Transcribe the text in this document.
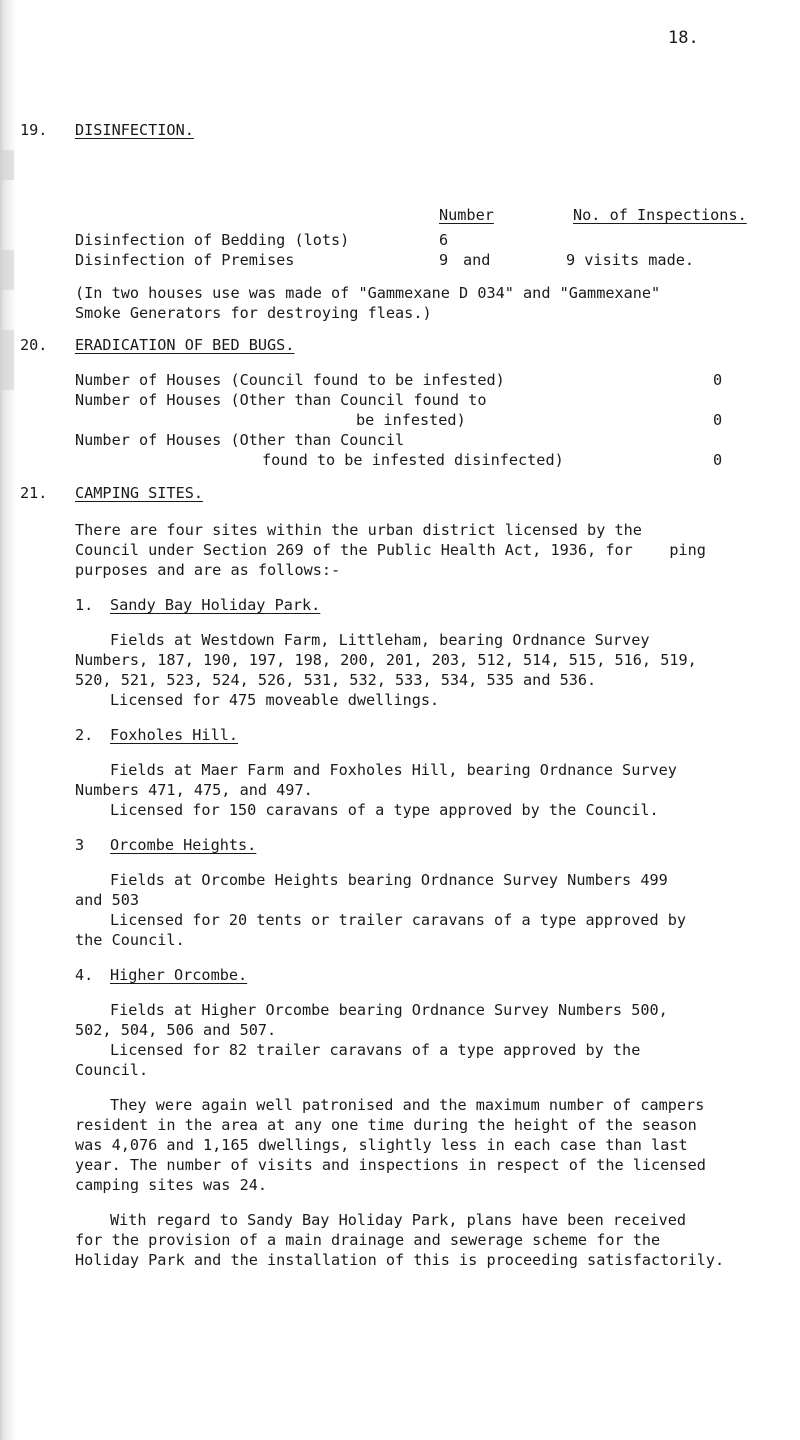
18.
19. DISINFECTION.
Number	No. of Inspections.
Disinfection of Bedding (lots)	6
Disinfection of Premises	9 and	9 visits made.
(In two houses use was made of "Gammexane D 034" and "Gammexane"
Smoke Generators for destroying fleas.)
20. ERADICATION OF BED BUGS.
Number of Houses (Council found to be infested)	0
Number of Houses (Other than Council found to
be infested)	0
Number of Houses (Other than Council
found to be infested disinfected)	0
21. CAMPING SITES.
There are four sites within the urban district licensed by the
Council under Section 269 of the Public Health Act, 1936, for    ping
purposes and are as follows:-
1. Sandy Bay Holiday Park.
Fields at Westdown Farm, Littleham, bearing Ordnance Survey
Numbers, 187, 190, 197, 198, 200, 201, 203, 512, 514, 515, 516, 519,
520, 521, 523, 524, 526, 531, 532, 533, 534, 535 and 536.
Licensed for 475 moveable dwellings.
2. Foxholes Hill.
Fields at Maer Farm and Foxholes Hill, bearing Ordnance Survey
Numbers 471, 475, and 497.
Licensed for 150 caravans of a type approved by the Council.
3 Orcombe Heights.
Fields at Orcombe Heights bearing Ordnance Survey Numbers 499
and 503
Licensed for 20 tents or trailer caravans of a type approved by
the Council.
4. Higher Orcombe.
Fields at Higher Orcombe bearing Ordnance Survey Numbers 500,
502, 504, 506 and 507.
Licensed for 82 trailer caravans of a type approved by the
Council.
They were again well patronised and the maximum number of campers
resident in the area at any one time during the height of the season
was 4,076 and 1,165 dwellings, slightly less in each case than last
year. The number of visits and inspections in respect of the licensed
camping sites was 24.
With regard to Sandy Bay Holiday Park, plans have been received
for the provision of a main drainage and sewerage scheme for the
Holiday Park and the installation of this is proceeding satisfactorily.
